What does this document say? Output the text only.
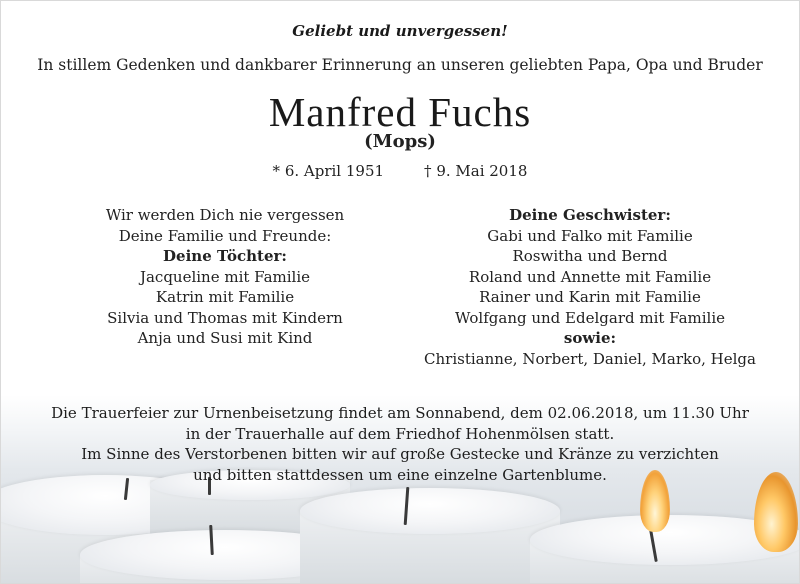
Geliebt und unvergessen!
In stillem Gedenken und dankbarer Erinnerung an unseren geliebten Papa, Opa und Bruder
Manfred Fuchs
(Mops)
* 6. April 1951	† 9. Mai 2018
Wir werden Dich nie vergessen
Deine Familie und Freunde:
Deine Töchter:
Jacqueline mit Familie
Katrin mit Familie
Silvia und Thomas mit Kindern
Anja und Susi mit Kind
Deine Geschwister:
Gabi und Falko mit Familie
Roswitha und Bernd
Roland und Annette mit Familie
Rainer und Karin mit Familie
Wolfgang und Edelgard mit Familie
sowie:
Christianne, Norbert, Daniel, Marko, Helga
Die Trauerfeier zur Urnenbeisetzung findet am Sonnabend, dem 02.06.2018, um 11.30 Uhr
in der Trauerhalle auf dem Friedhof Hohenmölsen statt.
Im Sinne des Verstorbenen bitten wir auf große Gestecke und Kränze zu verzichten
und bitten stattdessen um eine einzelne Gartenblume.
